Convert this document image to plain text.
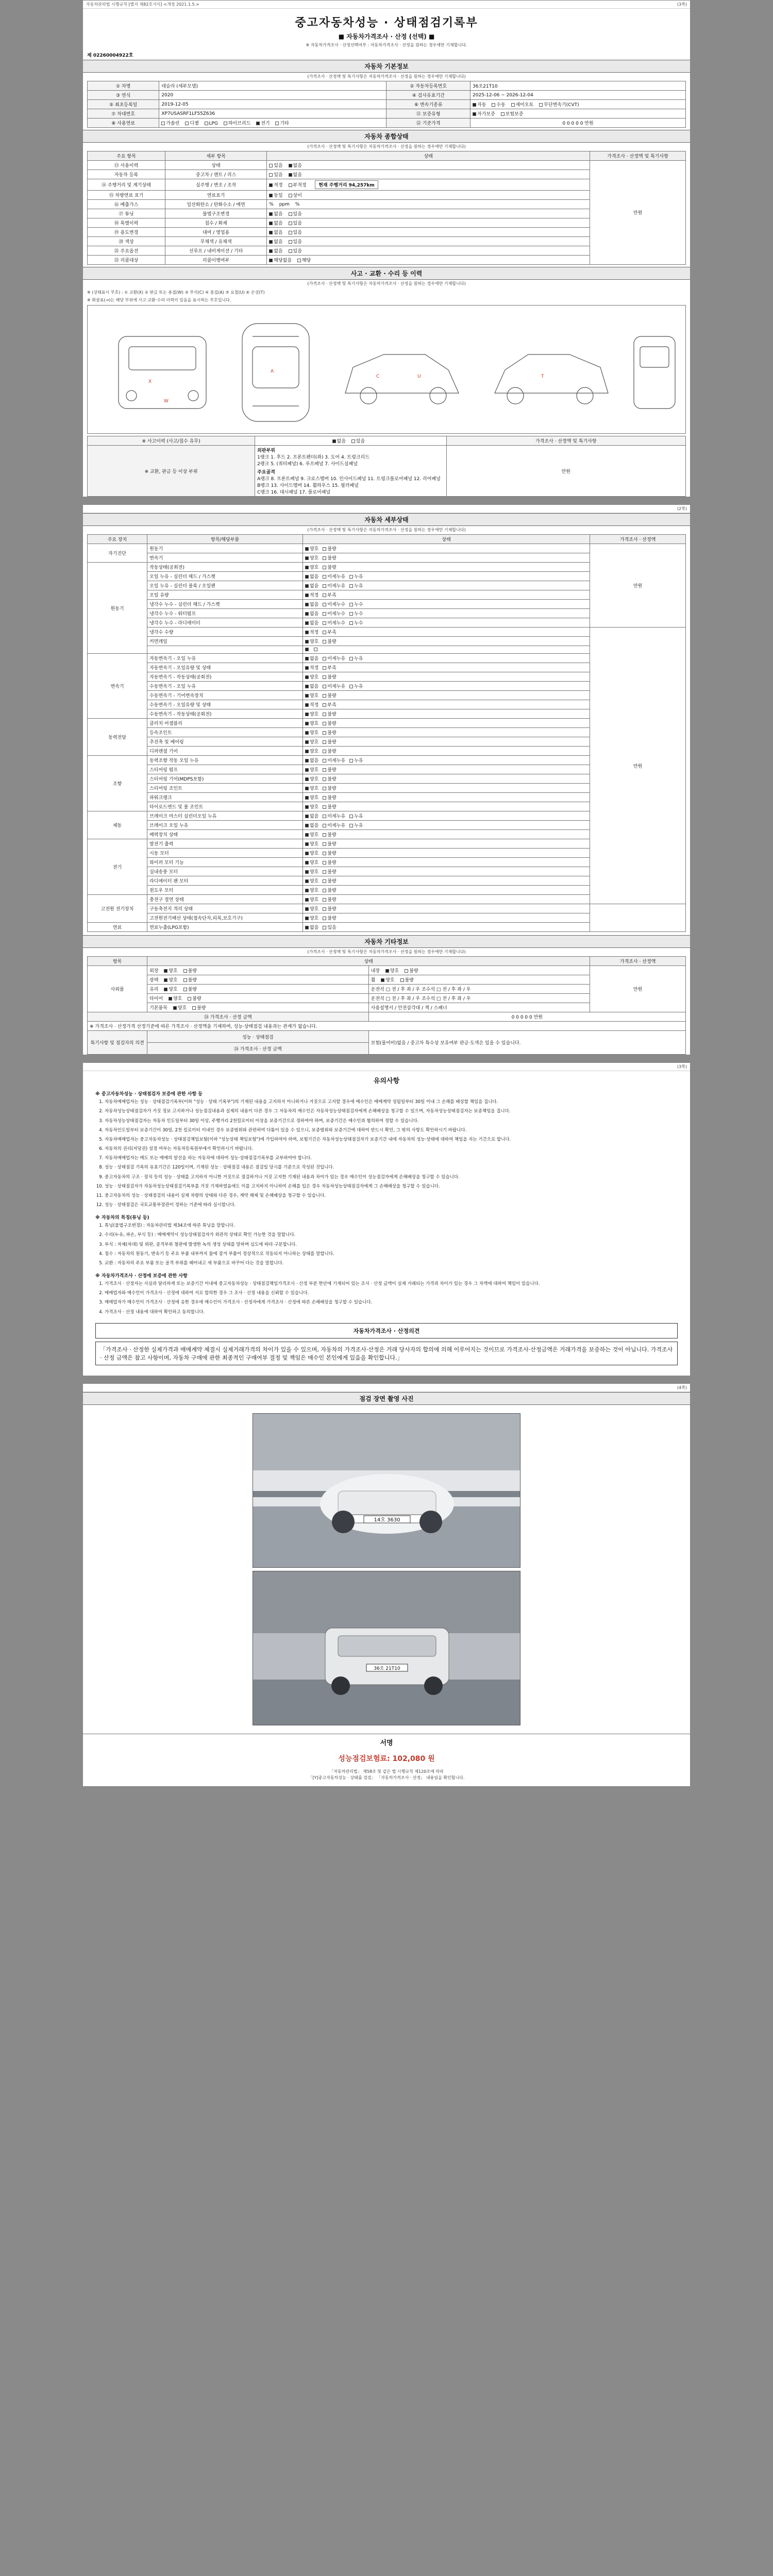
자동차관리법 시행규칙 [별지 제82호서식] <개정 2021.1.5.>	(3쪽)
중고자동차성능 · 상태점검기록부
■ 자동차가격조사 · 산정 (선택) ■
※ 자동차가격조사 · 산정선택여부 : 자동차가격조사 · 산정을 원하는 경우에만 기재합니다.
제 02260004922호
자동차 기본정보
(가격조사 · 산정액 및 특기사항은 자동차가격조사 · 산정을 원하는 경우에만 기재합니다)
① 차명	테슬라 (세부모델)	② 자동차등록번호	36오21T10
③ 연식	2020	④ 검사유효기간	2025-12-06 ~ 2026-12-04
⑤ 최초등록일	2019-12-05	⑥ 변속기종류	자동 수동 세미오토 무단변속기(CVT)
⑦ 차대번호	XP7USASRF1LF55Z636	⑪ 보증유형	자가보증 보험보증
⑧ 사용연료	가솔린 디젤 LPG 하이브리드 전기 기타	⑫ 기준가격	0 0 0 0 0 만원
자동차 종합상태
(가격조사 · 산정액 및 특기사항은 자동차가격조사 · 산정을 원하는 경우에만 기재합니다)
주요 항목	세부 항목	상태	가격조사 · 산정액 및 특기사항
⑬ 사용이력	상태	있음 없음	만원
자동차 등록	중고차 / 렌트 / 리스	있음 없음	
⑭ 주행거리 및 계기상태	실주행 / 변조 / 조작	적정 부적정 현재 주행거리 94,257km	
⑮ 차량연료 표기	연료표기	동일 상이	
⑯ 배출가스	일산화탄소 / 탄화수소 / 매연	% ppm %	
⑰ 튜닝	불법구조변경	없음 있음	
⑱ 특별이력	침수 / 화재	없음 있음	
⑲ 용도변경	대여 / 영업용	없음 있음	
⑳ 색상	무채색 / 유채색	없음 있음	
㉑ 주요옵션	선루프 / 내비게이션 / 기타	없음 있음	
㉒ 리콜대상	리콜이행여부	해당없음 해당	
사고 · 교환 · 수리 등 이력
(가격조사 · 산정액 및 특기사항은 자동차가격조사 · 산정을 원하는 경우에만 기재합니다)
※ (상태표시 부호) : ① 교환(X) ② 판금 또는 용접(W) ③ 부식(C) ④ 흠집(A) ⑤ 요철(U) ⑥ 손상(T)
※ 화살표(→)는 해당 부위에 사고·교환·수리 이력이 있음을 표시하는 부호입니다.
X
W
A
C	U	T
※ 사고이력 (사고/침수 유무)	없음 있음	가격조사 · 산정액 및 특기사항
※ 교환, 판금 등 이상 부위	
외판부위
1랭크 1. 후드 2. 프론트펜더(좌) 3. 도어 4. 트렁크리드
2랭크 5. (쿼터패널) 6. 루프패널 7. 사이드실패널
주요골격
A랭크 8. 프론트패널 9. 크로스멤버 10. 인사이드패널 11. 트렁크플로어패널 12. 리어패널
B랭크 13. 사이드멤버 14. 휠하우스 15. 필러패널
C랭크 16. 대시패널 17. 플로어패널
	만원
(2쪽)
자동차 세부상태
(가격조사 · 산정액 및 특기사항은 자동차가격조사 · 산정을 원하는 경우에만 기재합니다)
주요 장치	항목/해당부품	상태	가격조사 · 산정액
자기진단	원동기	양호 불량	만원
	변속기	양호 불량	
원동기	작동상태(공회전)	양호 불량	
	오일 누유 - 실린더 헤드 / 가스켓	없음 미세누유 누유	
	오일 누유 - 실린더 블록 / 오일팬	없음 미세누유 누유	
	오일 유량	적정 부족	
	냉각수 누수 - 실린더 헤드 / 가스켓	없음 미세누수 누수	
	냉각수 누수 - 워터펌프	없음 미세누수 누수	
	냉각수 누수 - 라디에이터	없음 미세누수 누수	
	냉각수 수량	적정 부족	만원
	커먼레일	양호 불량	

변속기	자동변속기 - 오일 누유	없음 미세누유 누유	
	자동변속기 - 오일유량 및 상태	적정 부족	
	자동변속기 - 작동상태(공회전)	양호 불량	
	수동변속기 - 오일 누유	없음 미세누유 누유	
	수동변속기 - 기어변속장치	양호 불량	
	수동변속기 - 오일유량 및 상태	적정 부족	
	수동변속기 - 작동상태(공회전)	양호 불량	
동력전달	클러치 어셈블리	양호 불량	
	등속조인트	양호 불량	
	추진축 및 베어링	양호 불량	
	디퍼렌셜 기어	양호 불량	
조향	동력조향 작동 오일 누유	없음 미세누유 누유	
	스티어링 펌프	양호 불량	
	스티어링 기어(MDPS포함)	양호 불량	
	스티어링 조인트	양호 불량	
	파워크랭크	양호 불량	
	타이로드엔드 및 볼 조인트	양호 불량	
제동	브레이크 마스터 실린더오일 누유	없음 미세누유 누유	
	브레이크 오일 누유	없음 미세누유 누유	
	배력장치 상태	양호 불량	
전기	발전기 출력	양호 불량	
	시동 모터	양호 불량	
	와이퍼 모터 기능	양호 불량	
	실내송풍 모터	양호 불량	
	라디에이터 팬 모터	양호 불량	
	윈도우 모터	양호 불량	
고전원 전기장치	충전구 절연 상태	양호 불량	
	구동축전지 격리 상태	양호 불량	
	고전원전기배선 상태(접속단자,피복,보호기구)	양호 불량	
연료	연료누출(LPG포함)	없음 있음	
자동차 기타정보
(가격조사 · 산정액 및 특기사항은 자동차가격조사 · 산정을 원하는 경우에만 기재합니다)
항목	상태		가격조사 · 산정액
사외품	외장 양호 불량	내장 양호 불량	만원
	광택 양호 불량	휠 양호 불량	
	유리 양호 불량	운전석 □ 전 / 후 좌 / 우 조수석 □ 전 / 후 좌 / 우	
	타이어 양호 불량	운전석 □ 전 / 후 좌 / 우 조수석 □ 전 / 후 좌 / 우	
	기본품목 양호 불량	사용설명서 / 안전삼각대 / 잭 / 스패너	
㉔ 가격조사 · 산정 금액		0 0 0 0 0 만원	
※ 가격조사 · 산정가격 산정기준에 따른 가격조사 · 산정액을 기재하며, 성능·상태점검 내용과는 관계가 없습니다.			
특기사항 및 점검자의 의견	성능 · 상태점검	보험(물어비)없음 / 중고차 특수상 보유여부 판금·도색은 있을 수 있습니다.	
	㉔ 가격조사 · 산정 금액		
(3쪽)
유의사항
※ 중고자동차성능 · 상태점검자 보증에 관한 사항 등
1. 자동차매매업자는 성능 · 상태점검기록부(이하 "성능 · 상태 기록부")의 기재된 내용을 고지하지 아니하거나 거짓으로 고지할 경우에 매수인은 매매계약 성립일부터 30일 이내 그 손해를 배상할 책임을 집니다.
2. 자동차성능상태점검자가 거짓 정보 고지하거나 성능점검내용과 실제의 내용이 다른 경우 그 자동차의 매수인은 자동차성능상태점검자에게 손해배상을 청구할 수 있으며, 자동차성능상태점검자는 보증책임을 집니다.
3. 자동차성능상태점검자는 자동차 인도일부터 30일 이상, 주행거리 2천킬로미터 이상을 보증기간으로 정하여야 하며, 보증기간은 매수인과 협의하여 정할 수 있습니다.
4. 자동차인도일부터 보증기간이 30일, 2천 킬로미터 이내인 경우 보증범위와 관련하여 다툼이 있을 수 있으니, 보증범위와 보증기간에 대하여 반드시 확인, 그 밖의 사항도 확인하시기 바랍니다.
5. 자동차매매업자는 중고자동차성능 · 상태점검책임보험(이하 "성능상태 책임보험")에 가입하여야 하며, 보험기간은 자동차성능상태점검자가 보증기간 내에 자동차의 성능·상태에 대하여 책임을 지는 기간으로 합니다.
6. 자동차의 권리(저당권) 설정 여부는 자동차등록원부에서 확인하시기 바랍니다.
7. 자동차매매업자는 매도 또는 매매의 알선을 하는 자동차에 대하여 성능·상태점검기록부를 교부하여야 합니다.
8. 성능 · 상태점검 기록의 유효기간은 120일이며, 기재된 성능 · 상태점검 내용은 점검일 당시를 기준으로 작성된 것입니다.
9. 중고자동차의 구조 · 장치 등의 성능 · 상태를 고지하지 아니한 거짓으로 점검하거나 거짓 고지한 기재된 내용과 차이가 있는 경우 매수인이 성능점검자에게 손해배상을 청구할 수 있습니다.
10. 성능 · 상태점검자가 자동차성능상태점검기록부를 거짓 기재하였음에도 이를 고지하지 아니하여 손해를 입은 경우 자동차성능상태점검자에게 그 손해배상을 청구할 수 있습니다.
11. 중고자동차의 성능 · 상태점검의 내용이 실제 차량의 상태와 다른 경우, 계약 해제 및 손해배상을 청구할 수 있습니다.
12. 성능 · 상태점검은 국토교통부장관이 정하는 기준에 따라 실시합니다.
※ 자동차의 특징(튜닝 등)
1. 튜닝(불법구조변경) : 자동차관리법 제34조에 따른 튜닝을 말합니다.
2. 수리(누유, 파손, 부식 등) : 매매계약시 성능상태점검자가 외관의 상태로 확인 가능한 것을 말합니다.
3. 부식 : 차체(차대) 및 외판, 골격부위 철판에 발생한 녹의 생성 상태를 말하며 심도에 따라 구분합니다.
4. 침수 : 자동차의 원동기, 변속기 등 주요 부품 내부까지 물에 잠겨 부품이 정상적으로 작동되지 아니하는 상태를 말합니다.
5. 교환 : 자동차의 주요 부품 또는 골격 부위를 떼어내고 새 부품으로 바꾸어 다는 것을 말합니다.
※ 자동차가격조사 · 산정에 보증에 관한 사항
1. 가격조사 · 산정자는 사실과 달리하게 또는 보증기간 이내에 중고자동차성능 · 상태점검책임가격조사 · 산정 부분 한단에 기재되어 있는 조사 · 산정 금액이 실제 거래되는 가격과 차이가 있는 경우 그 차액에 대하여 책임이 있습니다.
2. 매매업자와 매수인이 가격조사 · 산정에 대하여 서로 합의한 경우 그 조사 · 산정 내용을 신뢰할 수 있습니다.
3. 매매업자가 매수인이 가격조사 · 산정에 응한 경우에 매수인이 가격조사 · 산정자에게 가격조사 · 산정에 따른 손해배상을 청구할 수 있습니다.
4. 가격조사 · 산정 내용에 대하여 확인하고 동의합니다.
자동차가격조사 · 산정의견
「가격조사 · 산정한 실제가격과 매매계약 체결시 실제거래가격의 차이가 있을 수 있으며, 자동차의 가격조사·산정은 거래 당사자의 합의에 의해 이루어지는 것이므로 가격조사·산정금액은 거래가격을 보증하는 것이 아닙니다. 가격조사 · 산정 금액은 참고 사항이며, 자동차 구매에 관한 최종적인 구매여부 결정 및 책임은 매수인 본인에게 있음을 확인합니다.」
(4쪽)
점검 장면 촬영 사진
14오 3630
36오 21T10
서명
성능점검보험료: 102,080 원
「자동차관리법」 제58조 및 같은 법 시행규칙 제120조에 따라
「[Y]중고자동차성능 · 상태를 검검」 「자동차가격조사 · 산정」 내용임을 확인합니다.
